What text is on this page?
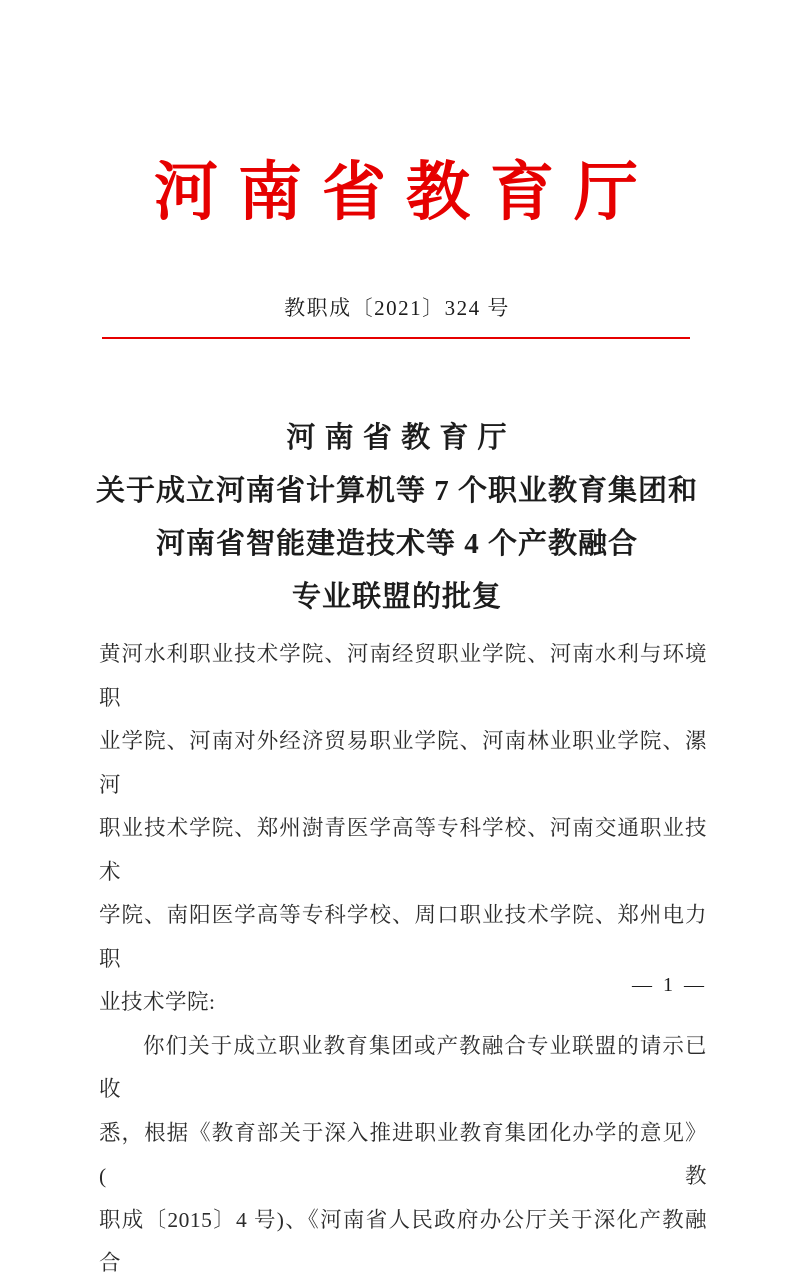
河 南 省 教 育 厅
教职成〔2021〕324 号
河 南 省 教 育 厅
关于成立河南省计算机等 7 个职业教育集团和
河南省智能建造技术等 4 个产教融合
专业联盟的批复
黄河水利职业技术学院、河南经贸职业学院、河南水利与环境职
业学院、河南对外经济贸易职业学院、河南林业职业学院、漯河
职业技术学院、郑州澍青医学高等专科学校、河南交通职业技术
学院、南阳医学高等专科学校、周口职业技术学院、郑州电力职
业技术学院:
你们关于成立职业教育集团或产教融合专业联盟的请示已收
悉，根据《教育部关于深入推进职业教育集团化办学的意见》(教
职成〔2015〕4 号)、《河南省人民政府办公厅关于深化产教融合
— 1 —
